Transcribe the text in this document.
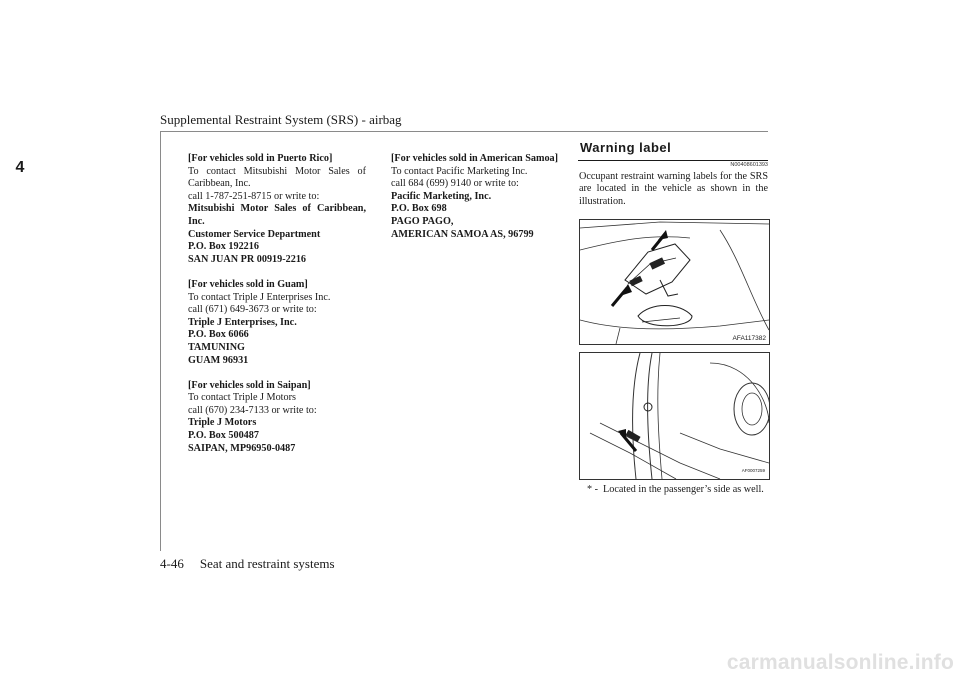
Supplemental Restraint System (SRS) - airbag
4
[For vehicles sold in Puerto Rico]
To contact Mitsubishi Motor Sales of
Caribbean, Inc.
call 1-787-251-8715 or write to:
Mitsubishi Motor Sales of Caribbean,
Inc.
Customer Service Department
P.O. Box 192216
SAN JUAN PR 00919-2216
[For vehicles sold in Guam]
To contact Triple J Enterprises Inc.
call (671) 649-3673 or write to:
Triple J Enterprises, Inc.
P.O. Box 6066
TAMUNING
GUAM 96931
[For vehicles sold in Saipan]
To contact Triple J Motors
call (670) 234-7133 or write to:
Triple J Motors
P.O. Box 500487
SAIPAN, MP96950-0487
[For vehicles sold in American Samoa]
To contact Pacific Marketing Inc.
call 684 (699) 9140 or write to:
Pacific Marketing, Inc.
P.O. Box 698
PAGO PAGO,
AMERICAN SAMOA AS, 96799
Warning label
N00408601393
Occupant restraint warning labels for the SRS are located in the vehicle as shown in the illustration.
AFA117382
AF0007259
* - Located in the passenger’s side as well.
4-46 Seat and restraint systems
carmanualsonline.info
